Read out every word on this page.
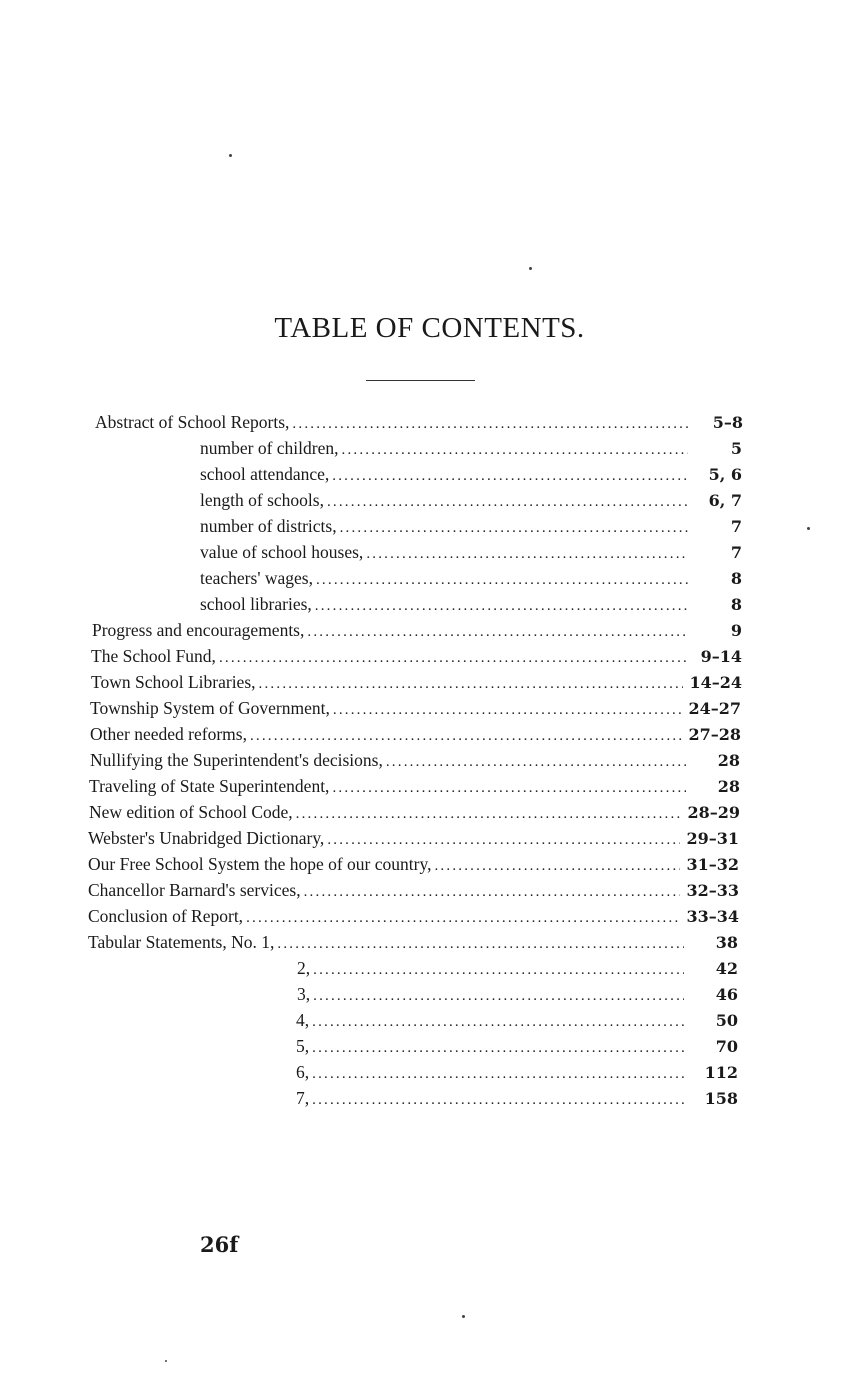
TABLE OF CONTENTS.
Abstract of School Reports, .....	5–8
number of children, .....	5
school attendance, .....	5, 6
length of schools, .....	6, 7
number of districts, .....	7
value of school houses, .....	7
teachers' wages, .....	8
school libraries, .....	8
Progress and encouragements, .....	9
The School Fund, .....	9–14
Town School Libraries, .....	14–24
Township System of Government, .....	24–27
Other needed reforms, .....	27–28
Nullifying the Superintendent's decisions, .....	28
Traveling of State Superintendent, .....	28
New edition of School Code, .....	28–29
Webster's Unabridged Dictionary, .....	29–31
Our Free School System the hope of our country, .....	31–32
Chancellor Barnard's services, .....	32–33
Conclusion of Report, .....	33–34
Tabular Statements, No. 1, .....	38
2, .....	42
3, .....	46
4, .....	50
5, .....	70
6, .....	112
7, .....	158
26f
